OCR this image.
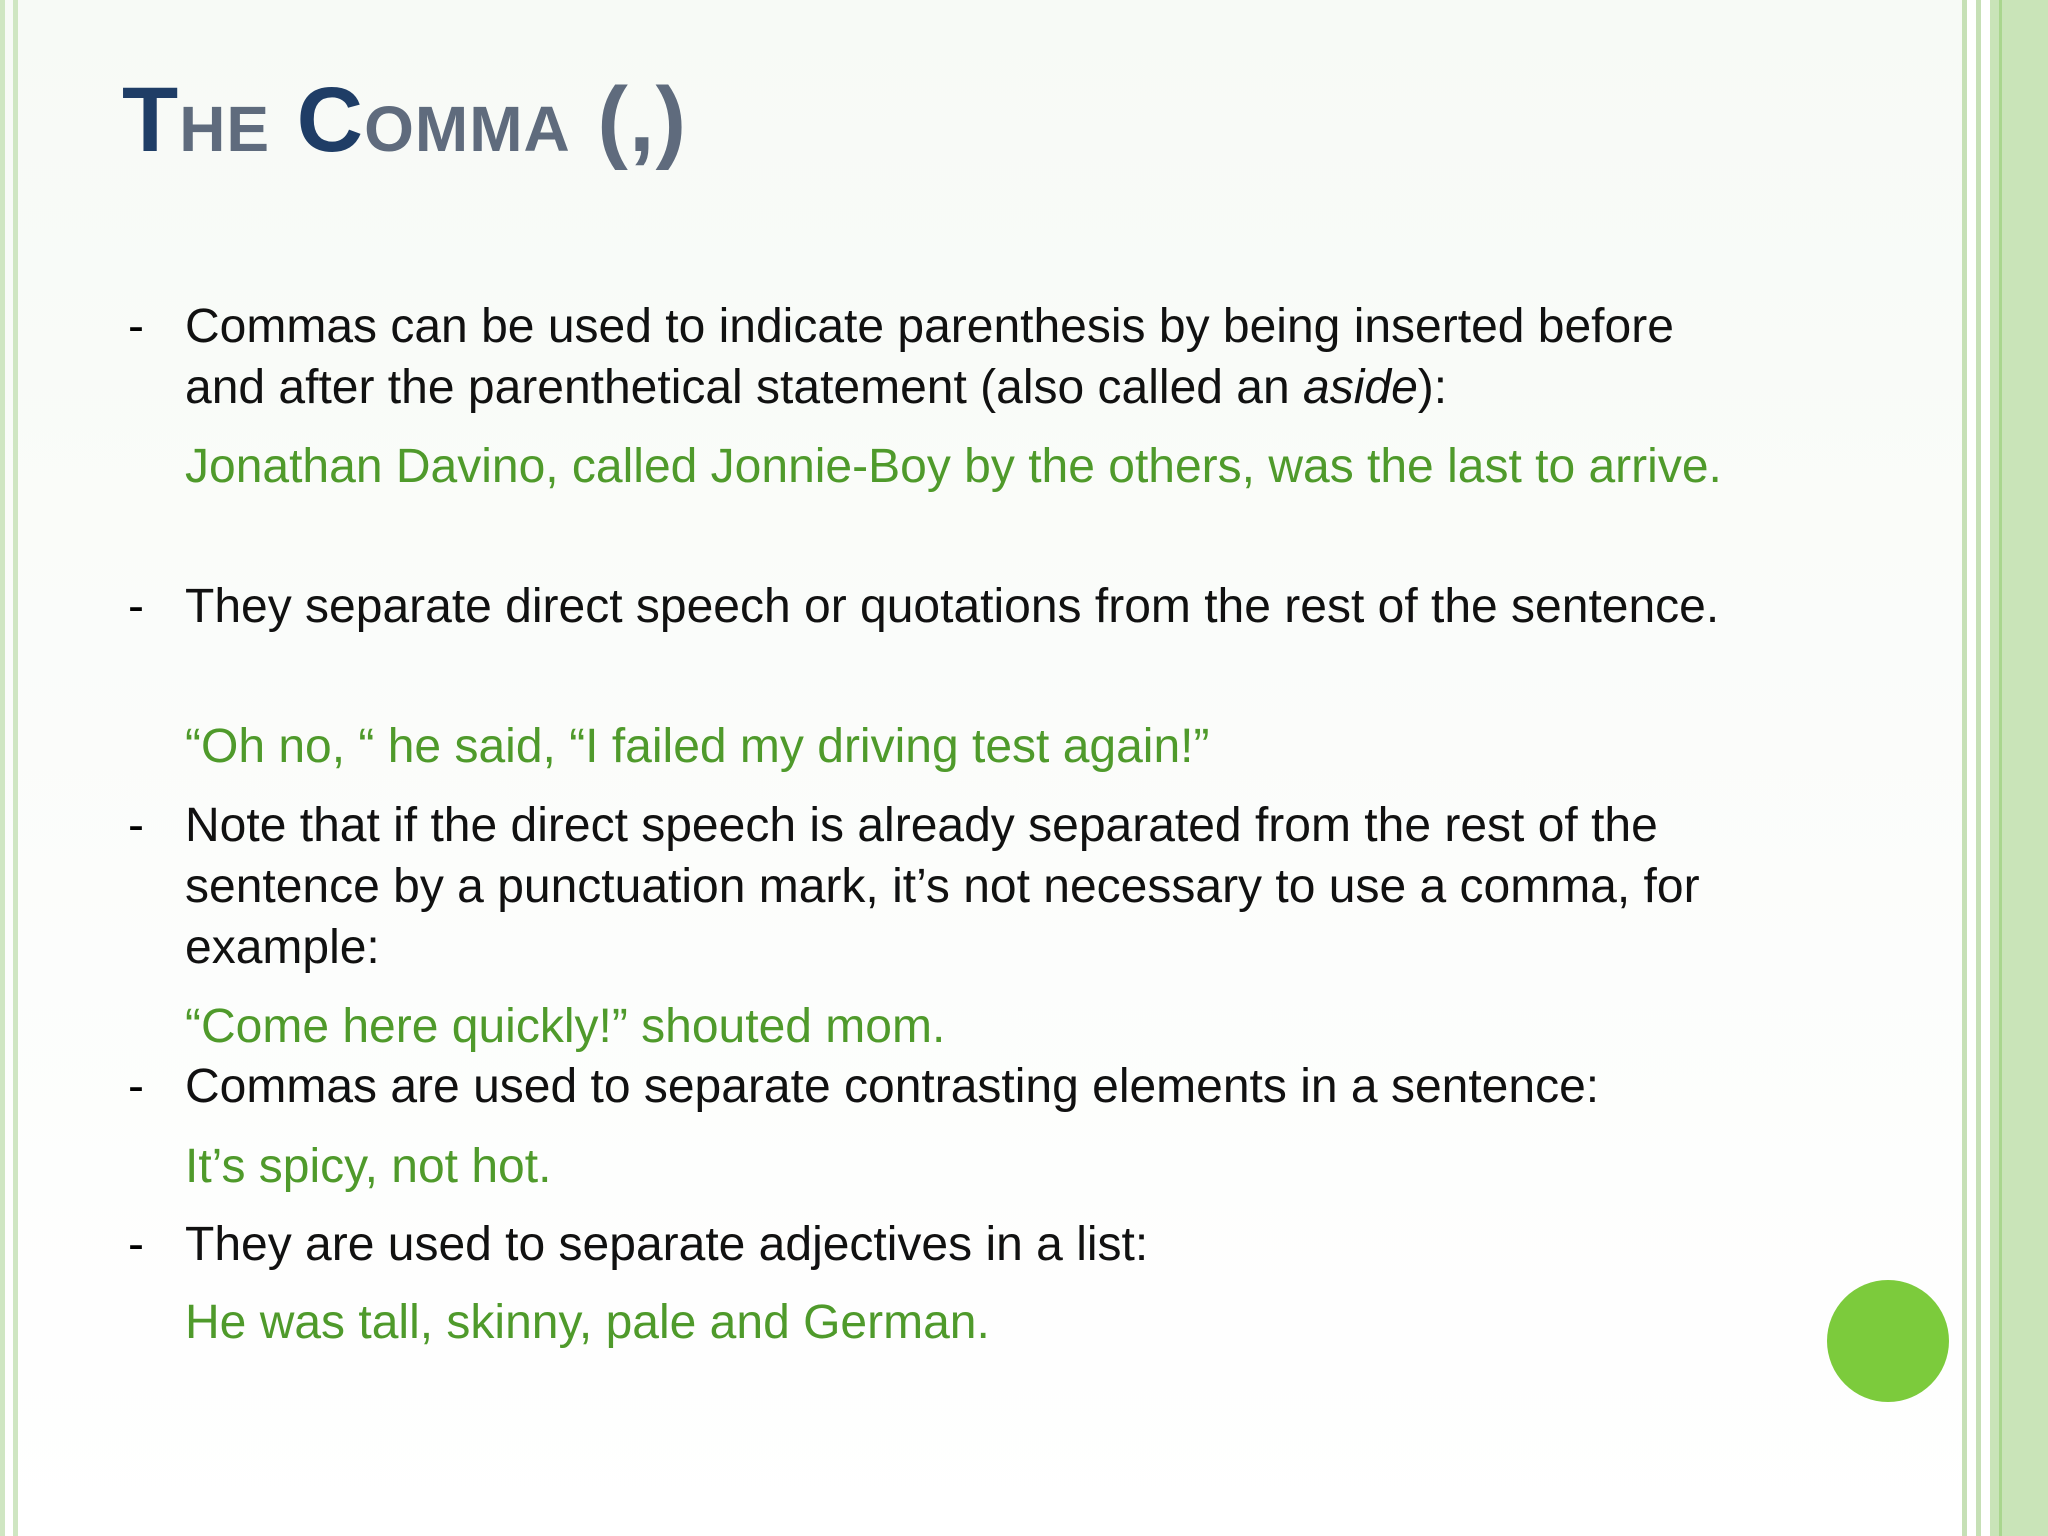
The Comma (,)
- Commas can be used to indicate parenthesis by being inserted before and after the parenthetical statement (also called an aside):

Jonathan Davino, called Jonnie-Boy by the others, was the last to arrive.

- They separate direct speech or quotations from the rest of the sentence.

“Oh no, “ he said, “I failed my driving test again!”

- Note that if the direct speech is already separated from the rest of the sentence by a punctuation mark, it’s not necessary to use a comma, for example:

“Come here quickly!” shouted mom.

- Commas are used to separate contrasting elements in a sentence:

It’s spicy, not hot.

- They are used to separate adjectives in a list:

He was tall, skinny, pale and German.
